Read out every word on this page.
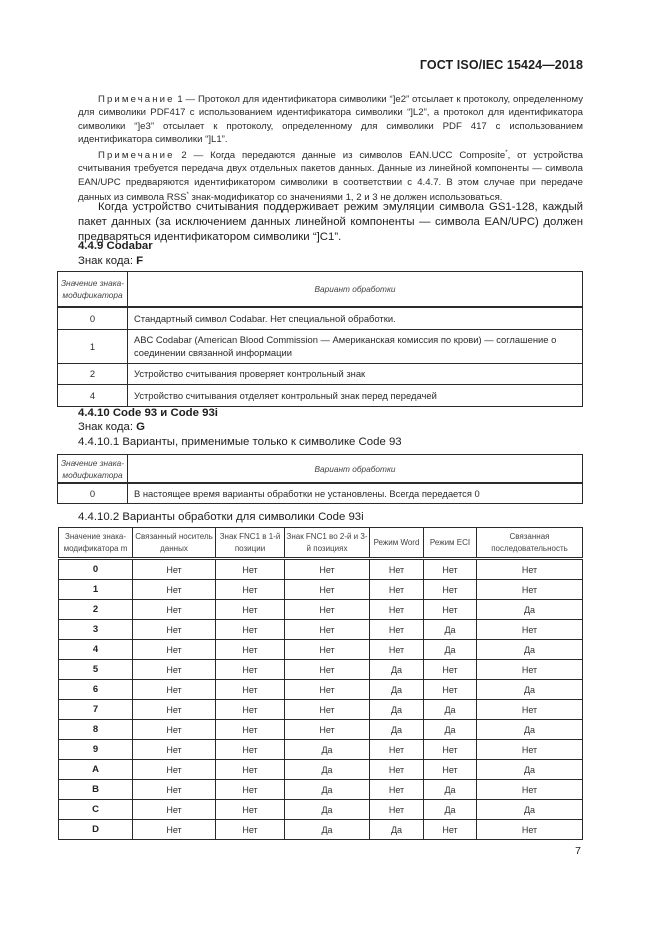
ГОСТ ISO/IEC 15424—2018
Примечание 1 — Протокол для идентификатора символики “]e2” отсылает к протоколу, определенному для символики PDF417 с использованием идентификатора символики “]L2”, а протокол для идентификатора символики “]e3” отсылает к протоколу, определенному для символики PDF 417 с использованием идентификатора символики “]L1”.
Примечание 2 — Когда передаются данные из символов EAN.UCC Composite*, от устройства считывания требуется передача двух отдельных пакетов данных. Данные из линейной компоненты — символа EAN/UPC предваряются идентификатором символики в соответствии с 4.4.7. В этом случае при передаче данных из символа RSS* знак-модификатор со значениями 1, 2 и 3 не должен использоваться.
Когда устройство считывания поддерживает режим эмуляции символа GS1-128, каждый пакет данных (за исключением данных линейной компоненты — символа EAN/UPC) должен предваряться идентификатором символики “]C1”.
4.4.9 Codabar
Знак кода: F
Значение знака-модификатора	Вариант обработки
0	Стандартный символ Codabar. Нет специальной обработки.
1	ABC Codabar (American Blood Commission — Американская комиссия по крови) — соглашение о соединении связанной информации
2	Устройство считывания проверяет контрольный знак
4	Устройство считывания отделяет контрольный знак перед передачей
4.4.10 Code 93 и Code 93i
Знак кода: G
4.4.10.1 Варианты, применимые только к символике Code 93
Значение знака-модификатора	Вариант обработки
0	В настоящее время варианты обработки не установлены. Всегда передается 0
4.4.10.2 Варианты обработки для символики Code 93i
Значение знака-модификатора m	Связанный носитель данных	Знак FNC1 в 1-й позиции	Знак FNC1 во 2-й и 3-й позициях	Режим Word	Режим ECI	Связанная последовательность
0	Нет	Нет	Нет	Нет	Нет	Нет
1	Нет	Нет	Нет	Нет	Нет	Нет
2	Нет	Нет	Нет	Нет	Нет	Да
3	Нет	Нет	Нет	Нет	Да	Нет
4	Нет	Нет	Нет	Нет	Да	Да
5	Нет	Нет	Нет	Да	Нет	Нет
6	Нет	Нет	Нет	Да	Нет	Да
7	Нет	Нет	Нет	Да	Да	Нет
8	Нет	Нет	Нет	Да	Да	Да
9	Нет	Нет	Да	Нет	Нет	Нет
A	Нет	Нет	Да	Нет	Нет	Да
B	Нет	Нет	Да	Нет	Да	Нет
C	Нет	Нет	Да	Нет	Да	Да
D	Нет	Нет	Да	Да	Нет	Нет
7
